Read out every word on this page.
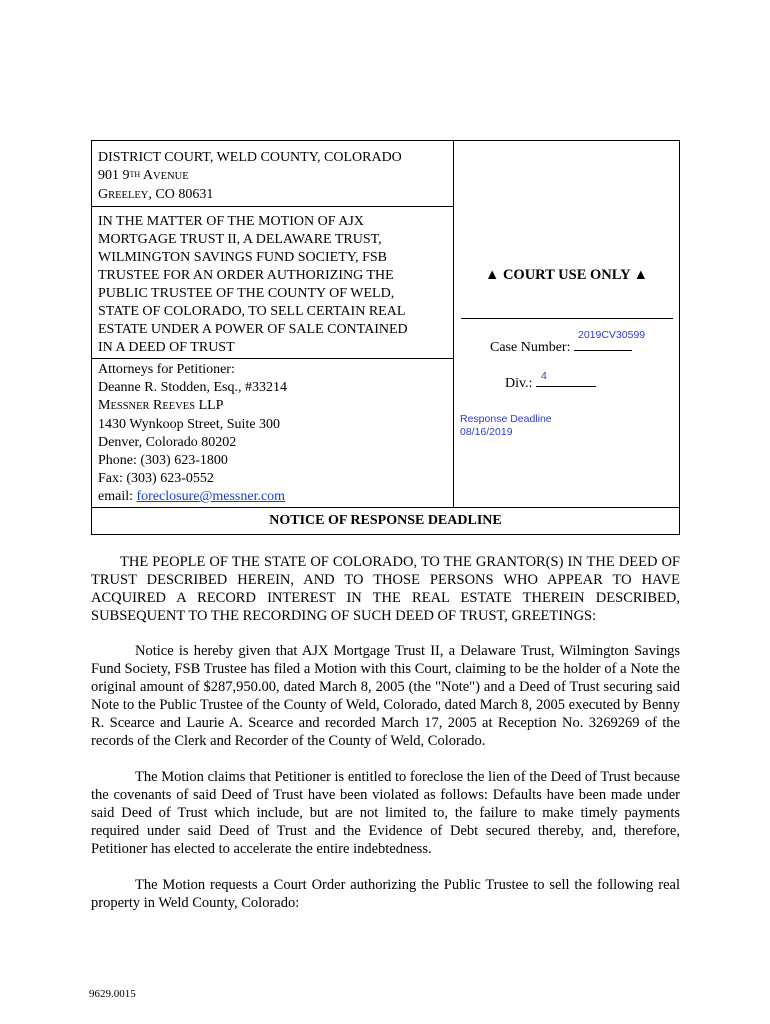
DISTRICT COURT, WELD COUNTY, COLORADO
901 9TH AVENUE
GREELEY, CO 80631
IN THE MATTER OF THE MOTION OF AJX
MORTGAGE TRUST II, A DELAWARE TRUST,
WILMINGTON SAVINGS FUND SOCIETY, FSB
TRUSTEE FOR AN ORDER AUTHORIZING THE
PUBLIC TRUSTEE OF THE COUNTY OF WELD,
STATE OF COLORADO, TO SELL CERTAIN REAL
ESTATE UNDER A POWER OF SALE CONTAINED
IN A DEED OF TRUST
Attorneys for Petitioner:
Deanne R. Stodden, Esq., #33214
MESSNER REEVES LLP
1430 Wynkoop Street, Suite 300
Denver, Colorado 80202
Phone: (303) 623-1800
Fax: (303) 623-0552
email: foreclosure@messner.com
▲ COURT USE ONLY ▲
Case Number:
2019CV30599
Div.: 4
Response Deadline
08/16/2019
NOTICE OF RESPONSE DEADLINE
THE PEOPLE OF THE STATE OF COLORADO, TO THE GRANTOR(S) IN THE DEED OF TRUST DESCRIBED HEREIN, AND TO THOSE PERSONS WHO APPEAR TO HAVE ACQUIRED A RECORD INTEREST IN THE REAL ESTATE THEREIN DESCRIBED,
SUBSEQUENT TO THE RECORDING OF SUCH DEED OF TRUST, GREETINGS:
Notice is hereby given that AJX Mortgage Trust II, a Delaware Trust, Wilmington Savings Fund Society, FSB Trustee has filed a Motion with this Court, claiming to be the holder of a Note the original amount of $287,950.00, dated March 8, 2005 (the "Note") and a Deed of Trust securing said Note to the Public Trustee of the County of Weld, Colorado, dated March 8, 2005 executed by Benny R. Scearce and Laurie A. Scearce and recorded March 17, 2005 at Reception No. 3269269 of the records of the Clerk and Recorder of the County of Weld, Colorado.
The Motion claims that Petitioner is entitled to foreclose the lien of the Deed of Trust because the covenants of said Deed of Trust have been violated as follows: Defaults have been made under said Deed of Trust which include, but are not limited to, the failure to make timely payments required under said Deed of Trust and the Evidence of Debt secured thereby, and, therefore, Petitioner has elected to accelerate the entire indebtedness.
The Motion requests a Court Order authorizing the Public Trustee to sell the following real property in Weld County, Colorado:
9629.0015
